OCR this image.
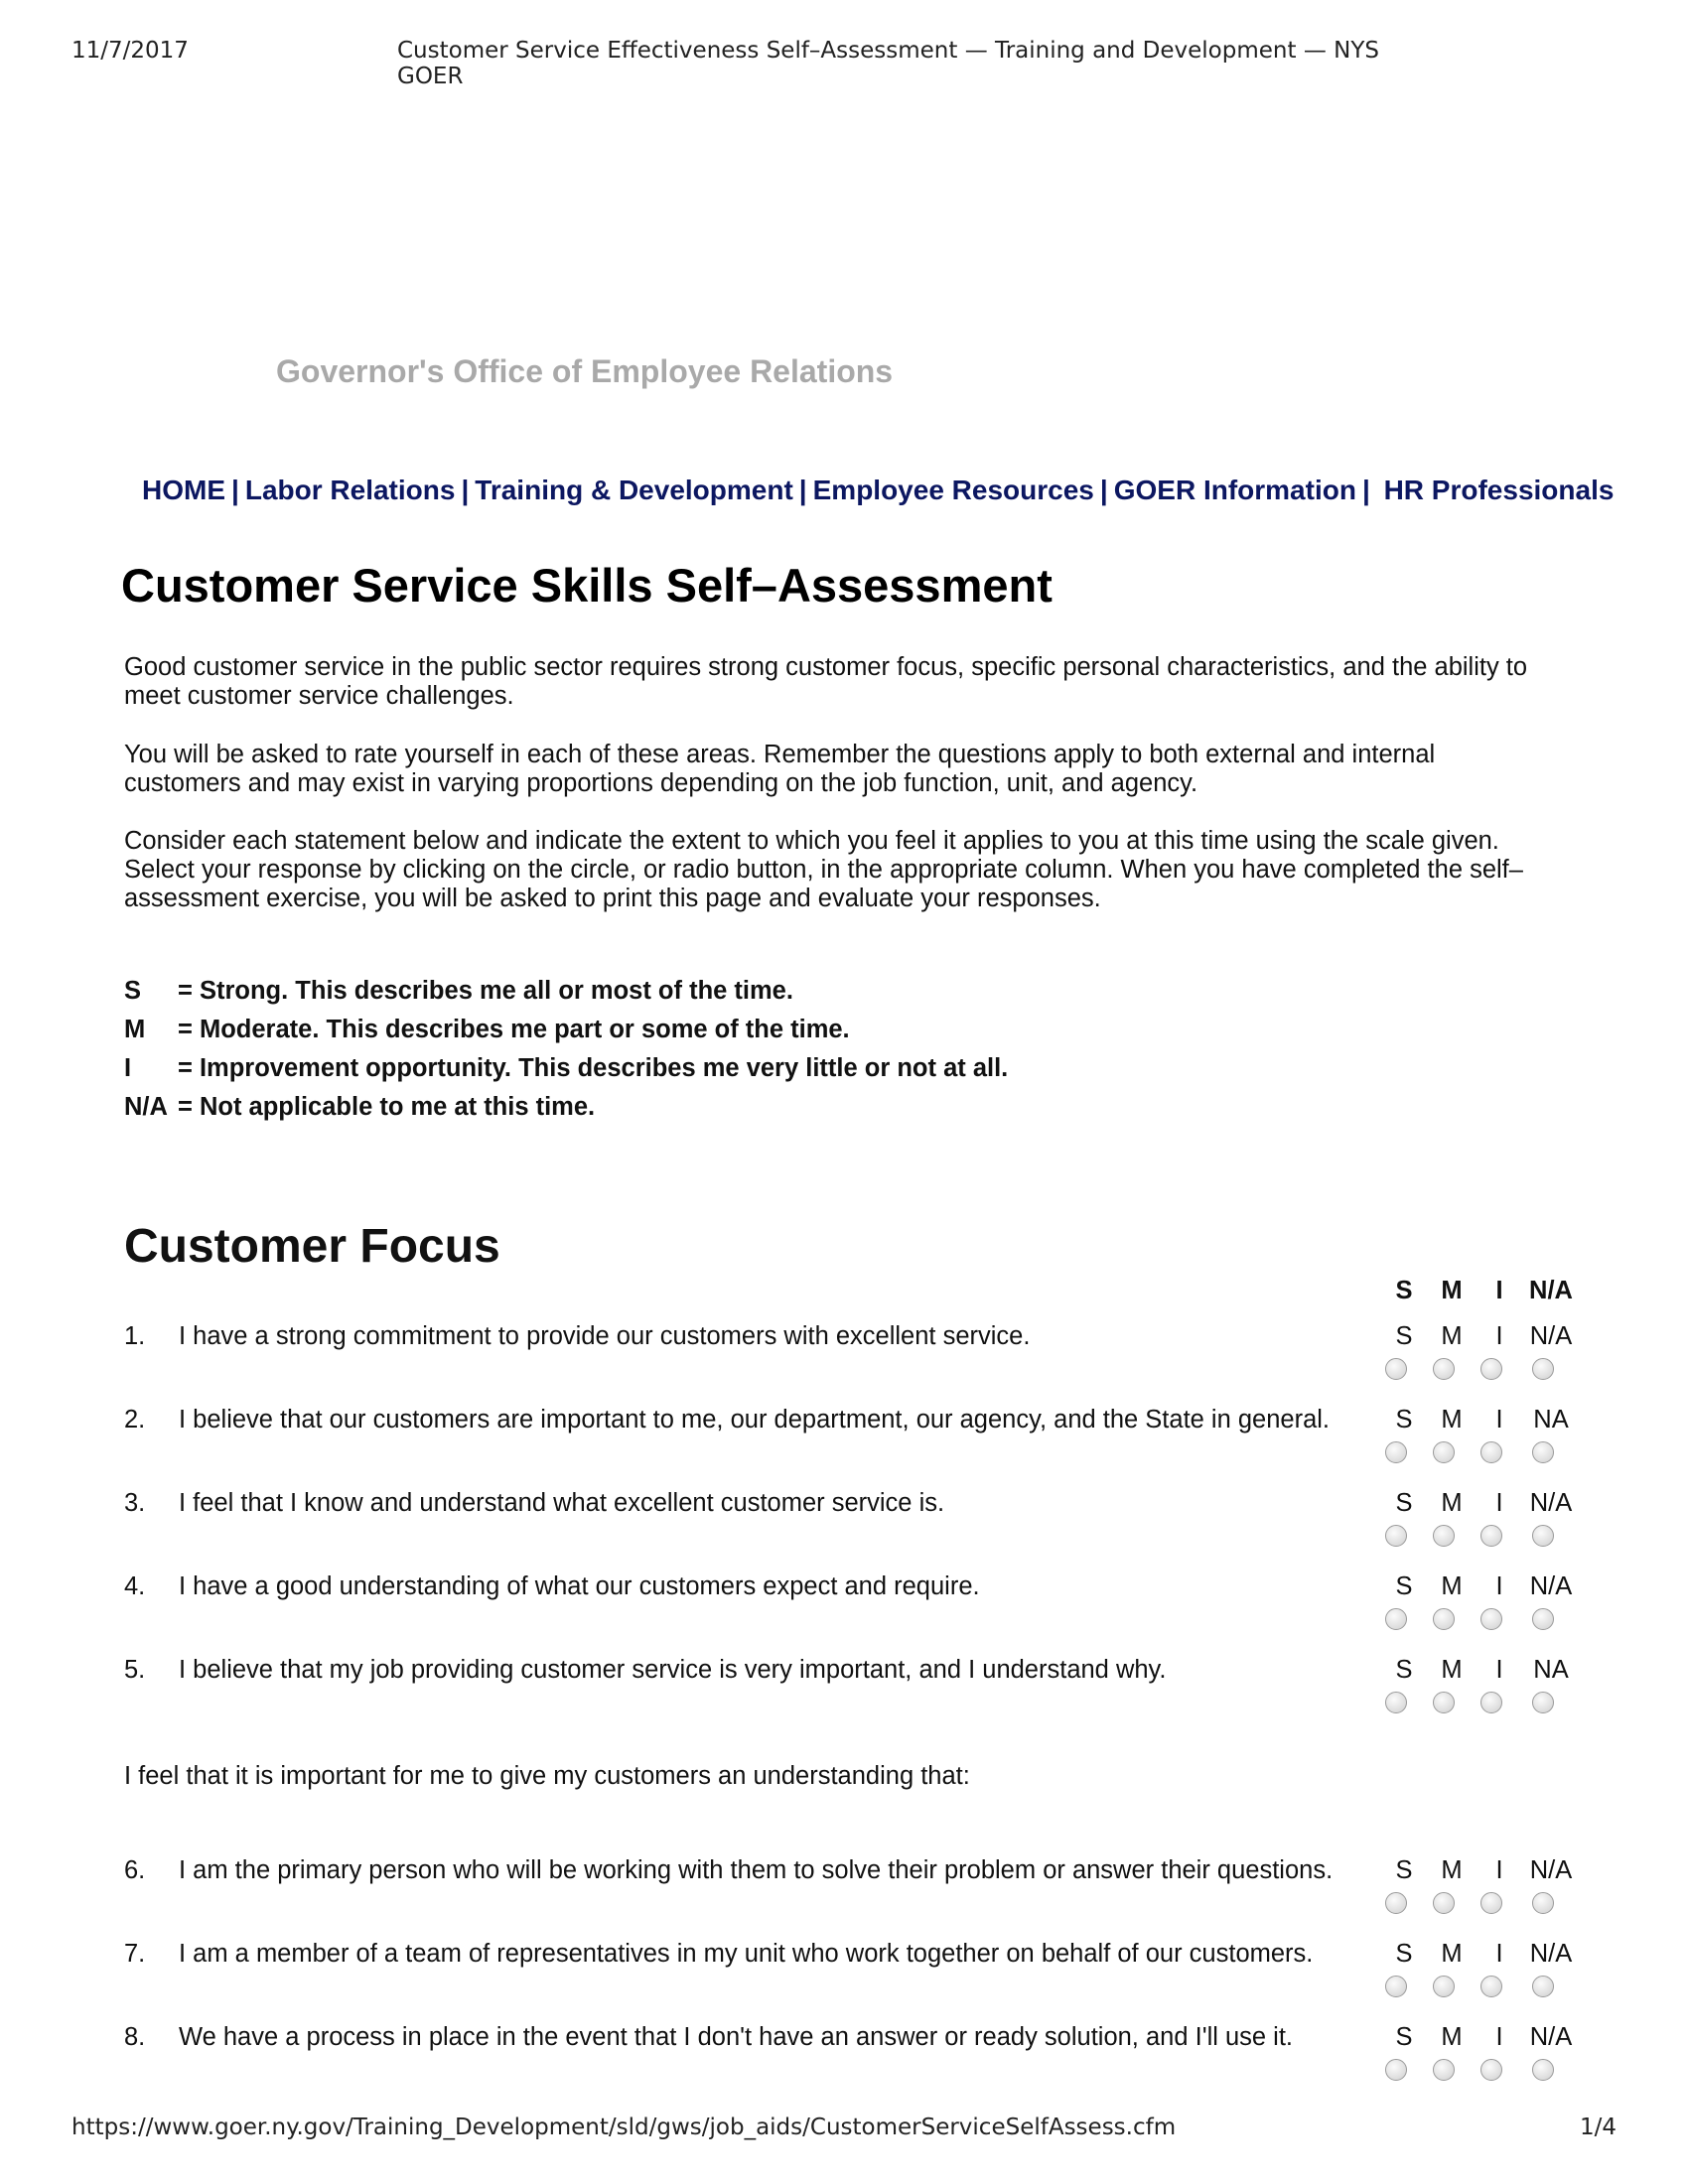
11/7/2017	Customer Service Effectiveness Self–Assessment — Training and Development — NYS GOER
Governor's Office of Employee Relations
HOME | Labor Relations | Training & Development | Employee Resources | GOER Information | HR Professionals
Customer Service Skills Self–Assessment

Good customer service in the public sector requires strong customer focus, specific personal characteristics, and the ability to meet customer service challenges.

You will be asked to rate yourself in each of these areas. Remember the questions apply to both external and internal customers and may exist in varying proportions depending on the job function, unit, and agency.

Consider each statement below and indicate the extent to which you feel it applies to you at this time using the scale given. Select your response by clicking on the circle, or radio button, in the appropriate column. When you have completed the self–assessment exercise, you will be asked to print this page and evaluate your responses.

S	= Strong. This describes me all or most of the time.
M	= Moderate. This describes me part or some of the time.
I	= Improvement opportunity. This describes me very little or not at all.
N/A = Not applicable to me at this time.
Customer Focus
S	M	I	N/A
1. I have a strong commitment to provide our customers with excellent service.	S	M	I	N/A
2. I believe that our customers are important to me, our department, our agency, and the State in general.	S	M	I	NA
3. I feel that I know and understand what excellent customer service is.	S	M	I	N/A
4. I have a good understanding of what our customers expect and require.	S	M	I	N/A
5. I believe that my job providing customer service is very important, and I understand why.	S	M	I	NA
I feel that it is important for me to give my customers an understanding that:
6. I am the primary person who will be working with them to solve their problem or answer their questions.	S	M	I	N/A
7. I am a member of a team of representatives in my unit who work together on behalf of our customers.	S	M	I	N/A
8. We have a process in place in the event that I don't have an answer or ready solution, and I'll use it.	S	M	I	N/A
https://www.goer.ny.gov/Training_Development/sld/gws/job_aids/CustomerServiceSelfAssess.cfm	1/4
